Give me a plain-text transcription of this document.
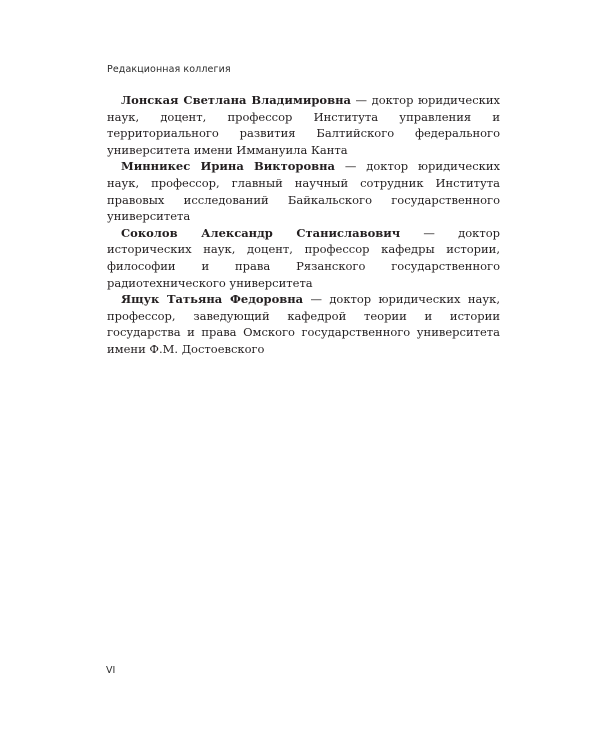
Редакционная коллегия

Лонская Светлана Владимировна — доктор юридических наук, доцент, профессор Института управления и территориального развития Балтийского федерального университета имени Иммануила Канта

Минникес Ирина Викторовна — доктор юридических наук, профессор, главный научный сотрудник Института правовых исследований Байкальского государственного университета

Соколов Александр Станиславович — доктор исторических наук, доцент, профессор кафедры истории, философии и права Рязанского государственного радиотехнического университета

Ящук Татьяна Федоровна — доктор юридических наук, профессор, заведующий кафедрой теории и истории государства и права Омского государственного университета имени Ф.М. Достоевского

VI
